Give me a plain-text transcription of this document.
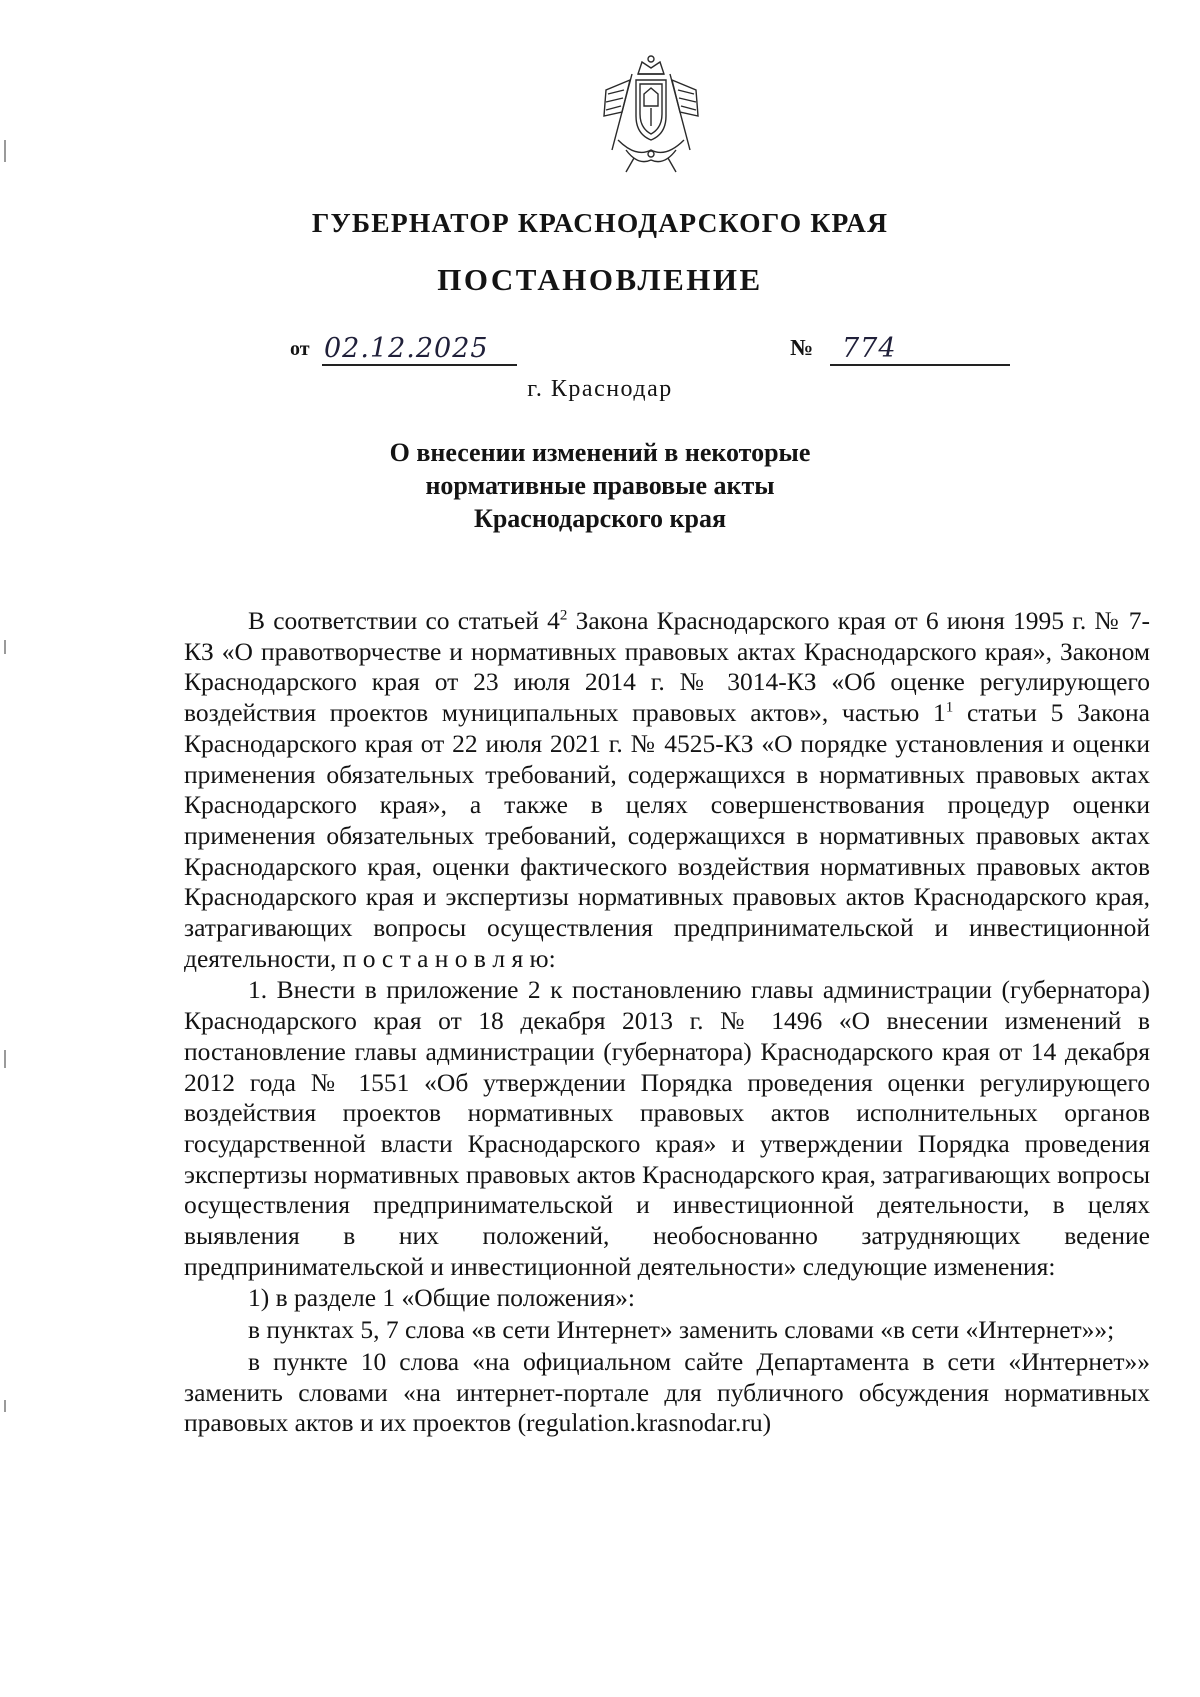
ГУБЕРНАТОР КРАСНОДАРСКОГО КРАЯ
ПОСТАНОВЛЕНИЕ
от 02.12.2025	№ 774
г. Краснодар
О внесении изменений в некоторые
нормативные правовые акты
Краснодарского края

В соответствии со статьей $4^2$ Закона Краснодарского края от 6 июня 1995 г. № 7-КЗ «О правотворчестве и нормативных правовых актах Краснодарского края», Законом Краснодарского края от 23 июля 2014 г. № 3014-КЗ «Об оценке регулирующего воздействия проектов муниципальных правовых актов», частью $1^1$ статьи 5 Закона Краснодарского края от 22 июля 2021 г. № 4525-КЗ «О порядке установления и оценки применения обязательных требований, содержащихся в нормативных правовых актах Краснодарского края», а также в целях совершенствования процедур оценки применения обязательных требований, содержащихся в нормативных правовых актах Краснодарского края, оценки фактического воздействия нормативных правовых актов Краснодарского края и экспертизы нормативных правовых актов Краснодарского края, затрагивающих вопросы осуществления предпринимательской и инвестиционной деятельности, п о с т а н о в л я ю:

1. Внести в приложение 2 к постановлению главы администрации (губернатора) Краснодарского края от 18 декабря 2013 г. № 1496 «О внесении изменений в постановление главы администрации (губернатора) Краснодарского края от 14 декабря 2012 года № 1551 «Об утверждении Порядка проведения оценки регулирующего воздействия проектов нормативных правовых актов исполнительных органов государственной власти Краснодарского края» и утверждении Порядка проведения экспертизы нормативных правовых актов Краснодарского края, затрагивающих вопросы осуществления предпринимательской и инвестиционной деятельности, в целях выявления в них положений, необоснованно затрудняющих ведение предпринимательской и инвестиционной деятельности» следующие изменения:

1) в разделе 1 «Общие положения»:

в пунктах 5, 7 слова «в сети Интернет» заменить словами «в сети «Интернет»»;

в пункте 10 слова «на официальном сайте Департамента в сети «Интернет»» заменить словами «на интернет-портале для публичного обсуждения нормативных правовых актов и их проектов (regulation.krasnodar.ru)
